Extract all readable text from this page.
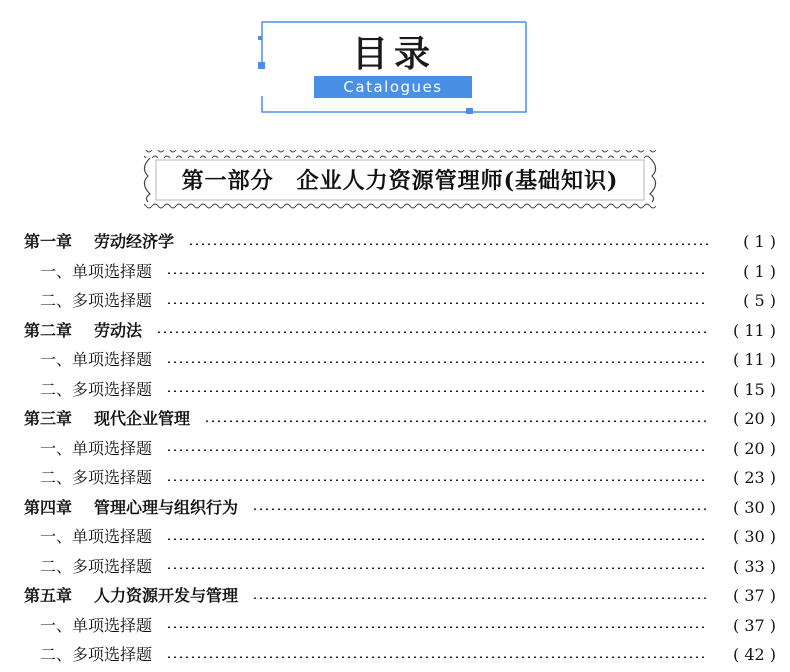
目录
Catalogues
第一部分　企业人力资源管理师(基础知识)
第一章 劳动经济学	( 1 )
一、单项选择题	( 1 )
二、多项选择题	( 5 )
第二章 劳动法	( 11 )
一、单项选择题	( 11 )
二、多项选择题	( 15 )
第三章 现代企业管理	( 20 )
一、单项选择题	( 20 )
二、多项选择题	( 23 )
第四章 管理心理与组织行为	( 30 )
一、单项选择题	( 30 )
二、多项选择题	( 33 )
第五章 人力资源开发与管理	( 37 )
一、单项选择题	( 37 )
二、多项选择题	( 42 )
